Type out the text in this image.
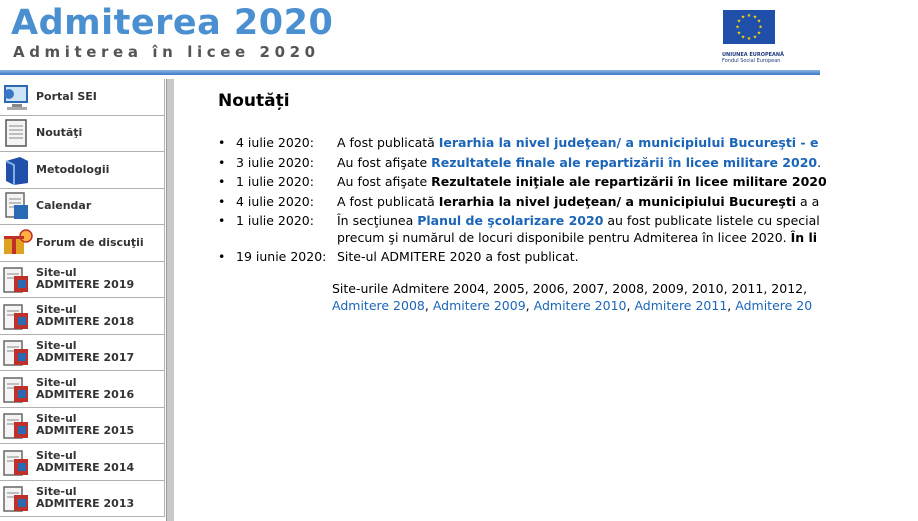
Admiterea 2020
Admiterea în licee 2020
★ ★
★
★
★
★
★
★
★
★
★
★
UNIUNEA EUROPEANĂ
Fondul Social European
Portal SEI
Noutăţi
Metodologii
Calendar
Forum de discuţii
Site-ul
ADMITERE 2019
Site-ul
ADMITERE 2018
Site-ul
ADMITERE 2017
Site-ul
ADMITERE 2016
Site-ul
ADMITERE 2015
Site-ul
ADMITERE 2014
Site-ul
ADMITERE 2013
Noutăți
• 4 iulie 2020: A fost publicată Ierarhia la nivel judeţean/ a municipiului Bucureşti - e
• 3 iulie 2020: Au fost afişate Rezultatele finale ale repartizării în licee militare 2020.
• 1 iulie 2020: Au fost afişate Rezultatele iniţiale ale repartizării în licee militare 2020
• 4 iulie 2020: A fost publicată Ierarhia la nivel judeţean/ a municipiului Bucureşti a a
• 1 iulie 2020: În secţiunea Planul de şcolarizare 2020 au fost publicate listele cu special
precum şi numărul de locuri disponibile pentru Admiterea în licee 2020. În li
• 19 iunie 2020: Site-ul ADMITERE 2020 a fost publicat.
Site-urile Admitere 2004, 2005, 2006, 2007, 2008, 2009, 2010, 2011, 2012,
Admitere 2008, Admitere 2009, Admitere 2010, Admitere 2011, Admitere 20
